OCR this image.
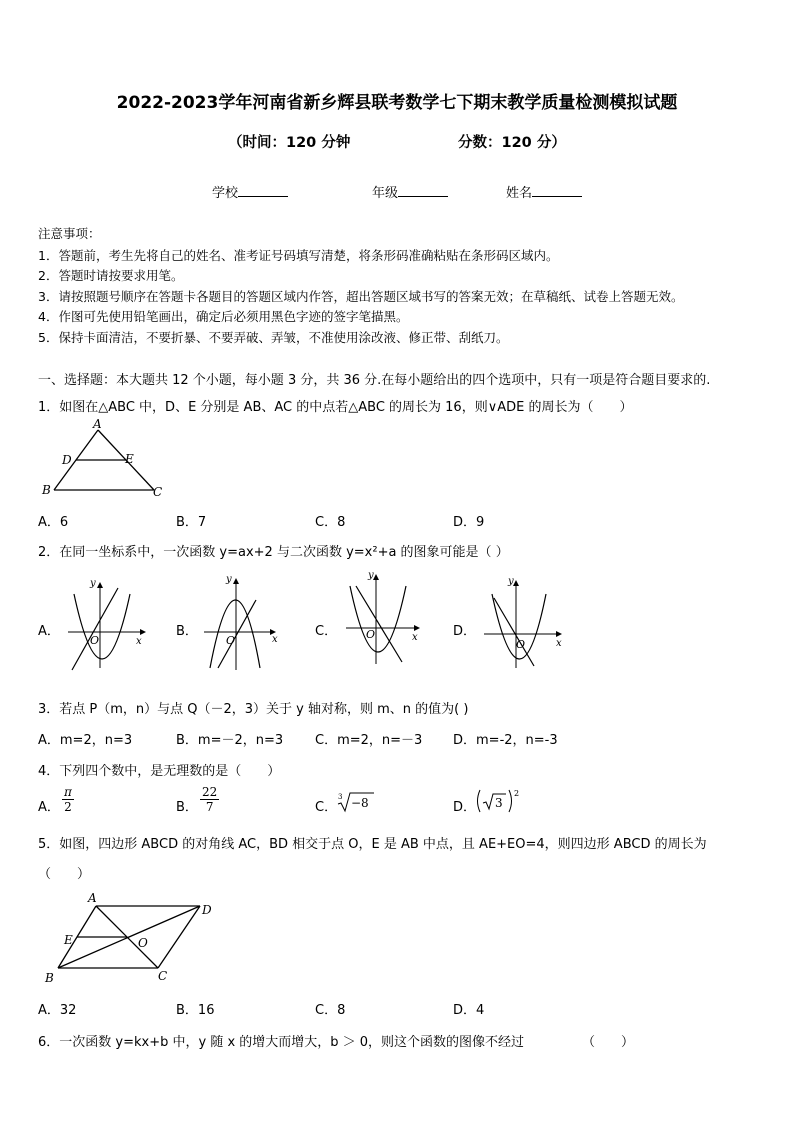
2022-2023学年河南省新乡辉县联考数学七下期末教学质量检测模拟试题
（时间：120 分钟	分数：120 分）
学校	年级	姓名
注意事项：
1．答题前，考生先将自己的姓名、准考证号码填写清楚，将条形码准确粘贴在条形码区域内。
2．答题时请按要求用笔。
3．请按照题号顺序在答题卡各题目的答题区域内作答，超出答题区域书写的答案无效；在草稿纸、试卷上答题无效。
4．作图可先使用铅笔画出，确定后必须用黑色字迹的签字笔描黑。
5．保持卡面清洁，不要折暴、不要弄破、弄皱，不准使用涂改液、修正带、刮纸刀。
一、选择题：本大题共 12 个小题，每小题 3 分，共 36 分.在每小题给出的四个选项中，只有一项是符合题目要求的.
1．如图在△ABC 中，D、E 分别是 AB、AC 的中点若△ABC 的周长为 16，则∨ADE 的周长为（　　）
A
D	E
B	C
A．6	B．7	C．8	D．9
2．在同一坐标系中，一次函数 y=ax+2 与二次函数 y=x²+a 的图象可能是（ ）
A．
y
x
O
B．
y
x
O
C．
y
x
O	D．
y
x
O
3．若点 P（m，n）与点 Q（－2，3）关于 y 轴对称，则 m、n 的值为( )
A．m=2，n=3	B．m=－2，n=3 C．m=2，n=－3 D．m=-2，n=-3
4．下列四个数中，是无理数的是（　　）
A． $\frac{\pi}{2}$	B． $\frac{22}{7}$	C．
3 −8	D． 3
2
5．如图，四边形 ABCD 的对角线 AC，BD 相交于点 O，E 是 AB 中点，且 AE+EO=4，则四边形 ABCD 的周长为
（　　）
A
D
E	O
B	C
A．32	B．16	C．8	D．4
6．一次函数 y=kx+b 中，y 随 x 的增大而增大，b ＞ 0，则这个函数的图像不经过	（　　）
